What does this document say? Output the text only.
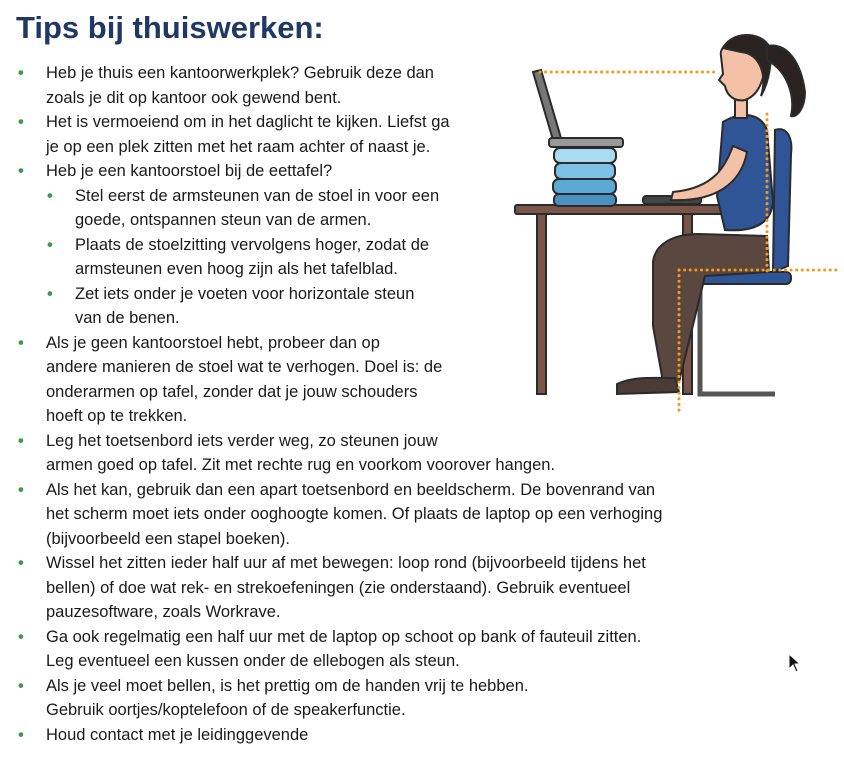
Tips bij thuiswerken:
• Heb je thuis een kantoorwerkplek? Gebruik deze dan
zoals je dit op kantoor ook gewend bent.
• Het is vermoeiend om in het daglicht te kijken. Liefst ga
je op een plek zitten met het raam achter of naast je.
• Heb je een kantoorstoel bij de eettafel?
• Stel eerst de armsteunen van de stoel in voor een
goede, ontspannen steun van de armen.
• Plaats de stoelzitting vervolgens hoger, zodat de
armsteunen even hoog zijn als het tafelblad.
• Zet iets onder je voeten voor horizontale steun
van de benen.
• Als je geen kantoorstoel hebt, probeer dan op
andere manieren de stoel wat te verhogen. Doel is: de
onderarmen op tafel, zonder dat je jouw schouders
hoeft op te trekken.
• Leg het toetsenbord iets verder weg, zo steunen jouw
armen goed op tafel. Zit met rechte rug en voorkom voorover hangen.
• Als het kan, gebruik dan een apart toetsenbord en beeldscherm. De bovenrand van
het scherm moet iets onder ooghoogte komen. Of plaats de laptop op een verhoging
(bijvoorbeeld een stapel boeken).
• Wissel het zitten ieder half uur af met bewegen: loop rond (bijvoorbeeld tijdens het
bellen) of doe wat rek- en strekoefeningen (zie onderstaand). Gebruik eventueel
pauzesoftware, zoals Workrave.
• Ga ook regelmatig een half uur met de laptop op schoot op bank of fauteuil zitten.
Leg eventueel een kussen onder de ellebogen als steun.
• Als je veel moet bellen, is het prettig om de handen vrij te hebben.
Gebruik oortjes/koptelefoon of de speakerfunctie.
• Houd contact met je leidinggevende
